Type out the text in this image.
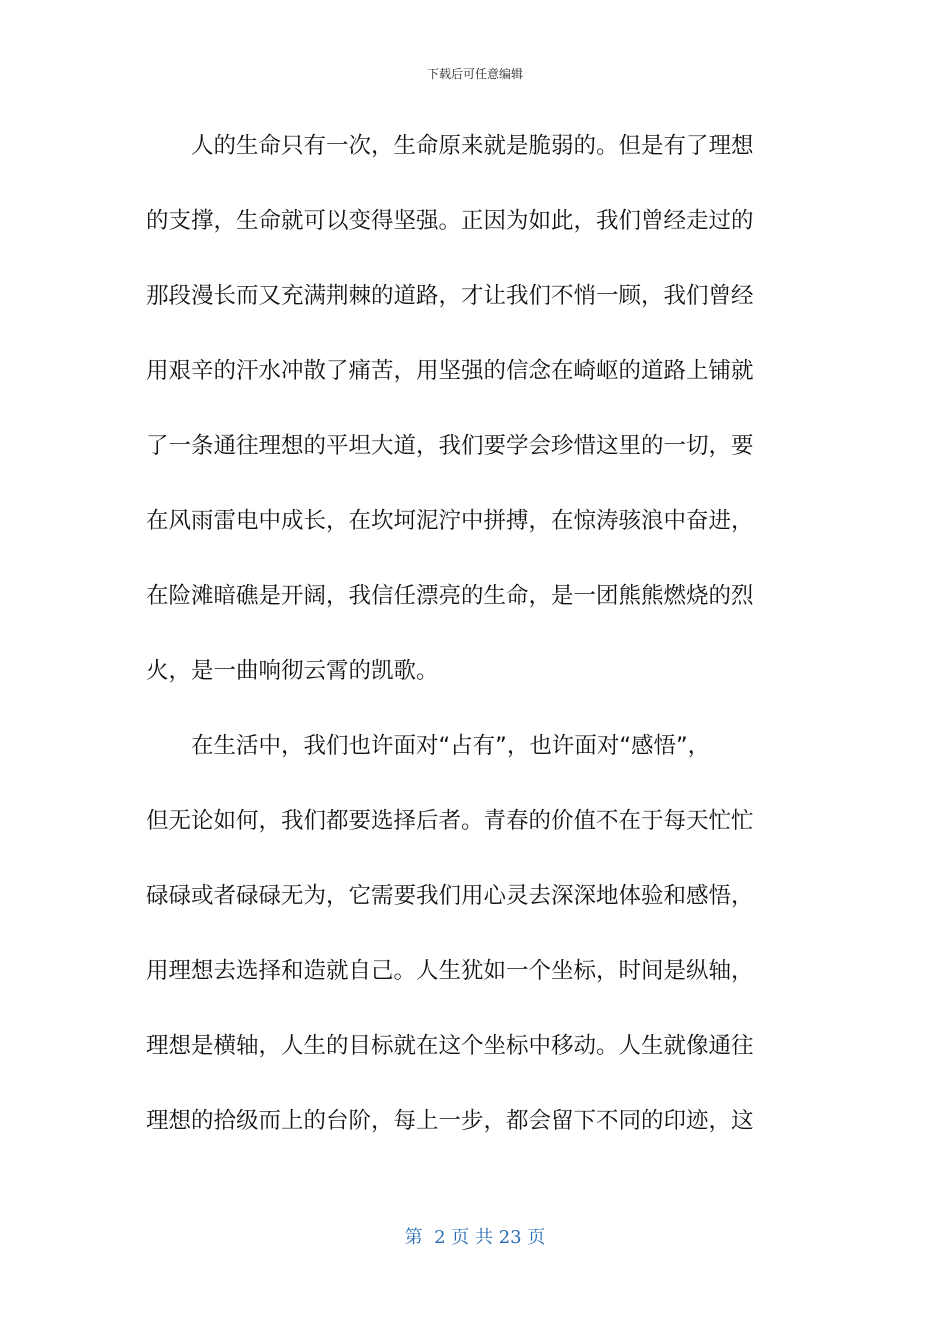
下载后可任意编辑
　　人的生命只有一次，生命原来就是脆弱的。但是有了理想
的支撑，生命就可以变得坚强。正因为如此，我们曾经走过的
那段漫长而又充满荆棘的道路，才让我们不悄一顾，我们曾经
用艰辛的汗水冲散了痛苦，用坚强的信念在崎岖的道路上铺就
了一条通往理想的平坦大道，我们要学会珍惜这里的一切，要
在风雨雷电中成长，在坎坷泥泞中拼搏，在惊涛骇浪中奋进，
在险滩暗礁是开阔，我信任漂亮的生命，是一团熊熊燃烧的烈
火，是一曲响彻云霄的凯歌。
　　在生活中，我们也许面对“占有”，也许面对“感悟”，
但无论如何，我们都要选择后者。青春的价值不在于每天忙忙
碌碌或者碌碌无为，它需要我们用心灵去深深地体验和感悟，
用理想去选择和造就自己。人生犹如一个坐标，时间是纵轴，
理想是横轴，人生的目标就在这个坐标中移动。人生就像通往
理想的拾级而上的台阶，每上一步，都会留下不同的印迹，这
第  2 页 共 23 页
